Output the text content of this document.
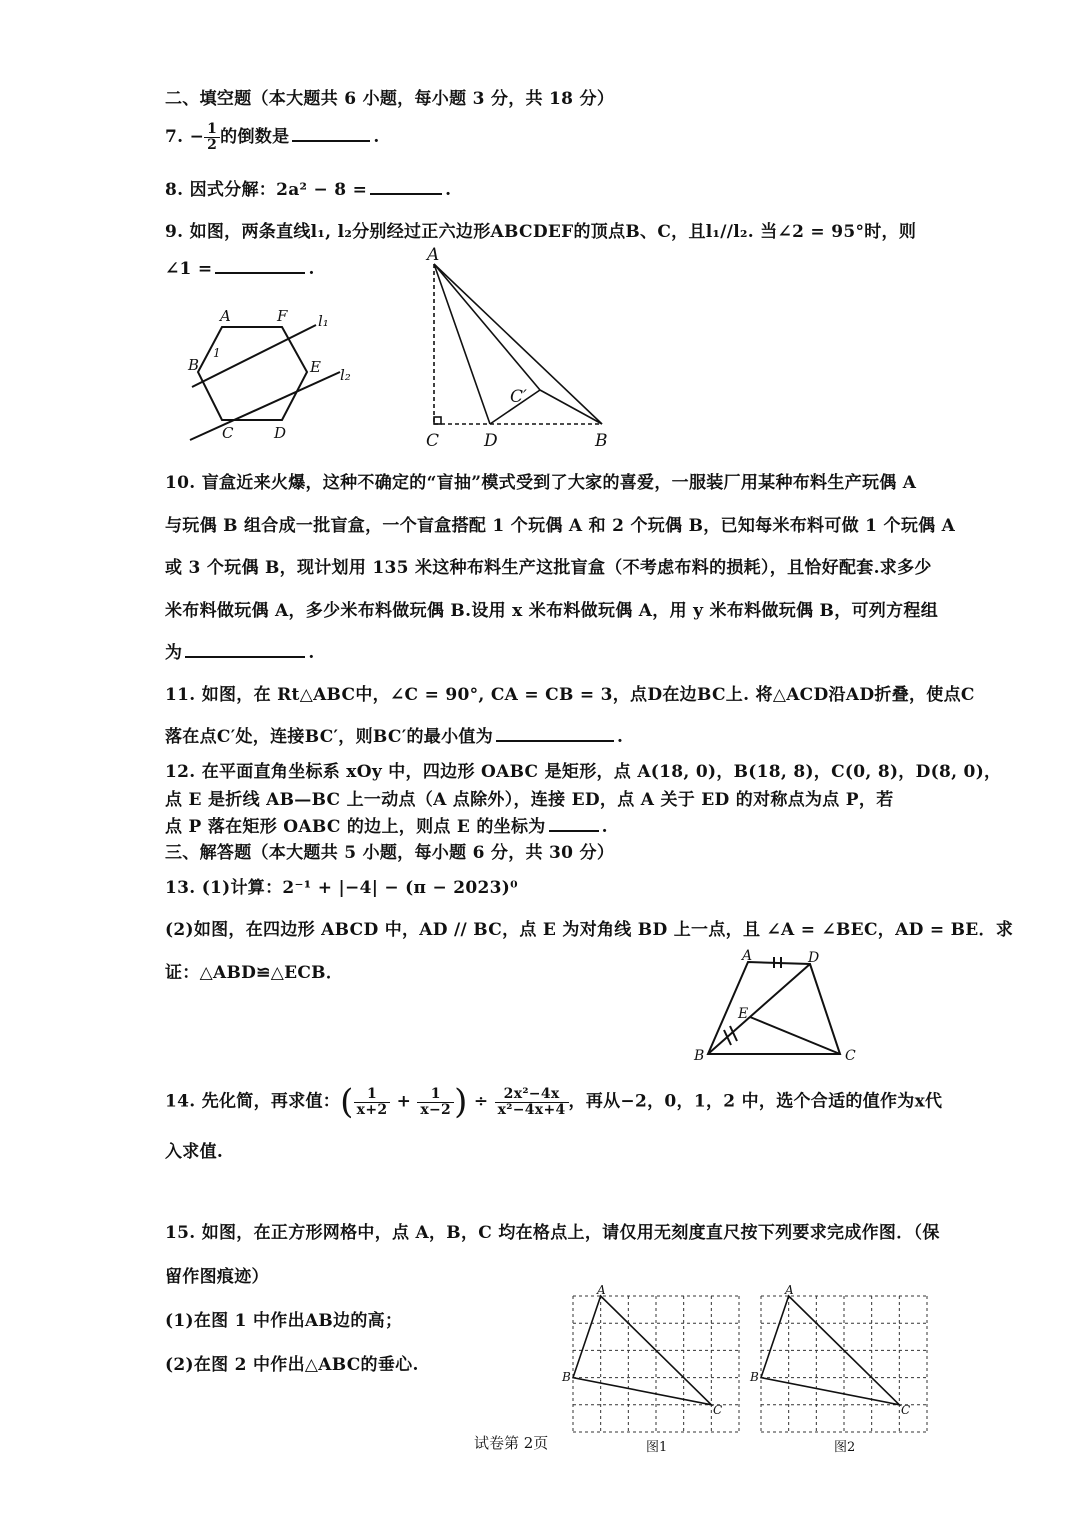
二、填空题（本大题共 6 小题，每小题 3 分，共 18 分）
7. − $\frac{1}{2}$ 的倒数是	.
8. 因式分解：2a² − 8 =	.
9. 如图，两条直线l₁, l₂分别经过正六边形ABCDEF的顶点B、C，且l₁//l₂. 当∠2 = 95°时，则
∠1 =	.
A	F
B	E
C	D
1
l₁
l₂
A
C	D	B
C′
10. 盲盒近来火爆，这种不确定的“盲抽”模式受到了大家的喜爱，一服装厂用某种布料生产玩偶 A
与玩偶 B 组合成一批盲盒，一个盲盒搭配 1 个玩偶 A 和 2 个玩偶 B，已知每米布料可做 1 个玩偶 A
或 3 个玩偶 B，现计划用 135 米这种布料生产这批盲盒（不考虑布料的损耗），且恰好配套.求多少
米布料做玩偶 A，多少米布料做玩偶 B.设用 x 米布料做玩偶 A，用 y 米布料做玩偶 B，可列方程组
为	.
11. 如图，在 Rt△ABC中，∠C = 90°, CA = CB = 3，点D在边BC上. 将△ACD沿AD折叠，使点C
落在点C′处，连接BC′，则BC′的最小值为	.
12. 在平面直角坐标系 xOy 中，四边形 OABC 是矩形，点 A(18, 0)，B(18, 8)，C(0, 8)，D(8, 0)，
点 E 是折线 AB—BC 上一动点（A 点除外），连接 ED，点 A 关于 ED 的对称点为点 P，若
点 P 落在矩形 OABC 的边上，则点 E 的坐标为	.
三、解答题（本大题共 5 小题，每小题 6 分，共 30 分）
13. (1)计算：2⁻¹ + |−4| − (π − 2023)⁰
(2)如图，在四边形 ABCD 中，AD // BC，点 E 为对角线 BD 上一点，且 ∠A = ∠BEC，AD = BE．求
证：△ABD≌△ECB．
A	D
E
B	C
14. 先化简，再求值：( $\frac{1}{x+2} + \frac{1}{x-2}$ ) ÷ $\frac{\text{2x²−4x}}{\text{x²−4x+4}}$ ，再从−2，0，1，2 中，选个合适的值作为x代
入求值.
15. 如图，在正方形网格中，点 A，B，C 均在格点上，请仅用无刻度直尺按下列要求完成作图．（保
留作图痕迹）
(1)在图 1 中作出AB边的高；
(2)在图 2 中作出△ABC的垂心.
A
B
C
A
B
C
图1	图2
试卷第 2页
